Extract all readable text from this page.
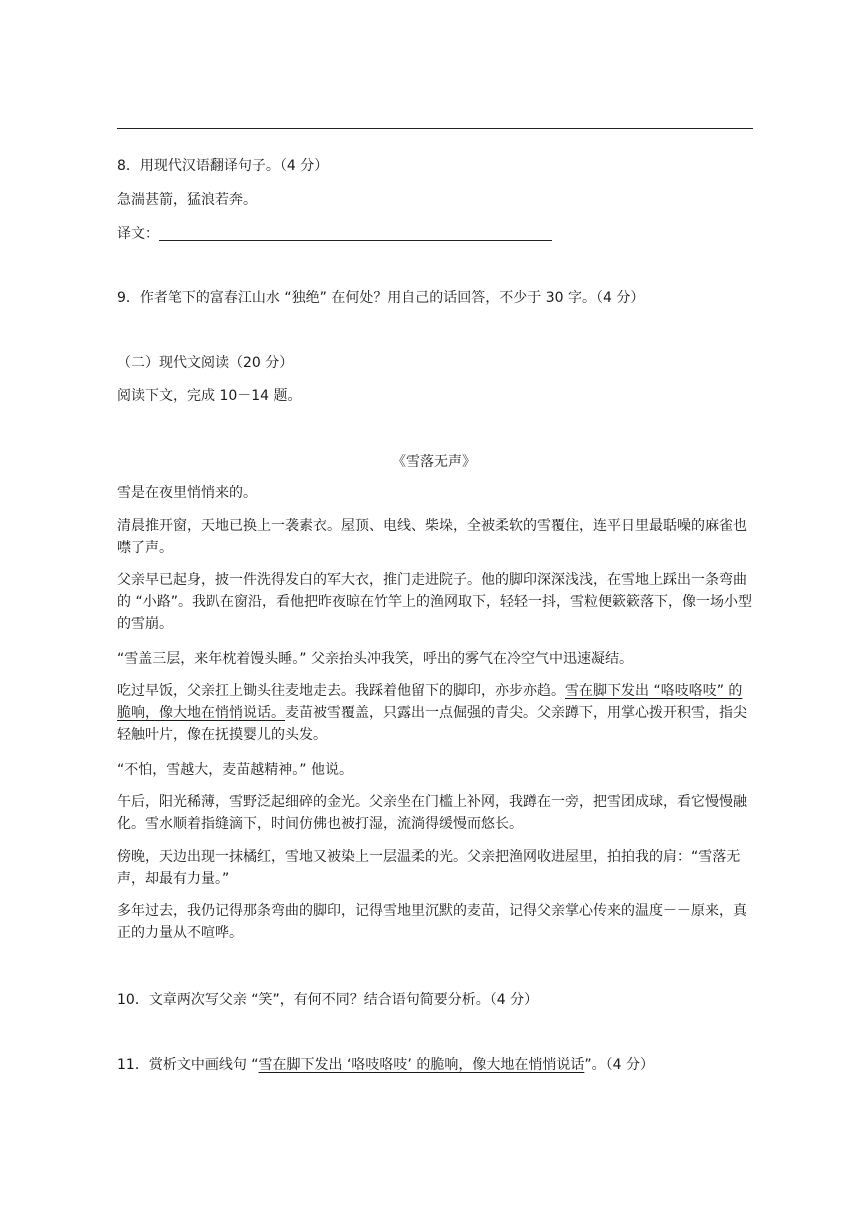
8．用现代汉语翻译句子。（4 分）
急湍甚箭，猛浪若奔。
译文：
9．作者笔下的富春江山水 “独绝” 在何处？用自己的话回答，不少于 30 字。（4 分）
（二）现代文阅读（20 分）
阅读下文，完成 10－14 题。
《雪落无声》
雪是在夜里悄悄来的。
清晨推开窗，天地已换上一袭素衣。屋顶、电线、柴垛，全被柔软的雪覆住，连平日里最聒噪的麻雀也噤了声。
父亲早已起身，披一件洗得发白的军大衣，推门走进院子。他的脚印深深浅浅，在雪地上踩出一条弯曲的 “小路”。我趴在窗沿，看他把昨夜晾在竹竿上的渔网取下，轻轻一抖，雪粒便簌簌落下，像一场小型的雪崩。
“雪盖三层，来年枕着馒头睡。” 父亲抬头冲我笑，呼出的雾气在冷空气中迅速凝结。
吃过早饭，父亲扛上锄头往麦地走去。我踩着他留下的脚印，亦步亦趋。雪在脚下发出 “咯吱咯吱” 的脆响，像大地在悄悄说话。麦苗被雪覆盖，只露出一点倔强的青尖。父亲蹲下，用掌心拨开积雪，指尖轻触叶片，像在抚摸婴儿的头发。
“不怕，雪越大，麦苗越精神。” 他说。
午后，阳光稀薄，雪野泛起细碎的金光。父亲坐在门槛上补网，我蹲在一旁，把雪团成球，看它慢慢融化。雪水顺着指缝滴下，时间仿佛也被打湿，流淌得缓慢而悠长。
傍晚，天边出现一抹橘红，雪地又被染上一层温柔的光。父亲把渔网收进屋里，拍拍我的肩：“雪落无声，却最有力量。”
多年过去，我仍记得那条弯曲的脚印，记得雪地里沉默的麦苗，记得父亲掌心传来的温度－－原来，真正的力量从不喧哗。
10．文章两次写父亲 “笑”，有何不同？结合语句简要分析。（4 分）
11．赏析文中画线句 “雪在脚下发出 ‘咯吱咯吱’ 的脆响，像大地在悄悄说话”。（4 分）
